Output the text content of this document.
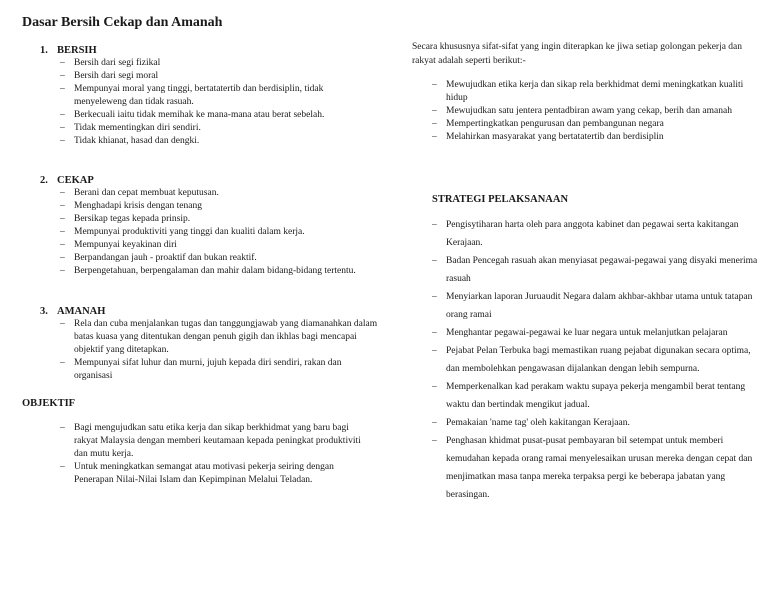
Dasar Bersih Cekap dan Amanah
1. BERSIH
– Bersih dari segi fizikal
– Bersih dari segi moral
– Mempunyai moral yang tinggi, bertatatertib dan berdisiplin, tidak menyeleweng dan tidak rasuah.
– Berkecuali iaitu tidak memihak ke mana-mana atau berat sebelah.
– Tidak mementingkan diri sendiri.
– Tidak khianat, hasad dan dengki.
2. CEKAP
– Berani dan cepat membuat keputusan.
– Menghadapi krisis dengan tenang
– Bersikap tegas kepada prinsip.
– Mempunyai produktiviti yang tinggi dan kualiti dalam kerja.
– Mempunyai keyakinan diri
– Berpandangan jauh - proaktif dan bukan reaktif.
– Berpengetahuan, berpengalaman dan mahir dalam bidang-bidang tertentu.
3. AMANAH
– Rela dan cuba menjalankan tugas dan tanggungjawab yang diamanahkan dalam batas kuasa yang ditentukan dengan penuh gigih dan ikhlas bagi mencapai objektif yang ditetapkan.
– Mempunyai sifat luhur dan murni, jujuh kepada diri sendiri, rakan dan organisasi
OBJEKTIF
– Bagi mengujudkan satu etika kerja dan sikap berkhidmat yang baru bagi rakyat Malaysia dengan memberi keutamaan kepada peningkat produktiviti dan mutu kerja.
– Untuk meningkatkan semangat atau motivasi pekerja seiring dengan Penerapan Nilai-Nilai Islam dan Kepimpinan Melalui Teladan.

Secara khususnya sifat-sifat yang ingin diterapkan ke jiwa setiap golongan pekerja dan rakyat adalah seperti berikut:-

– Mewujudkan etika kerja dan sikap rela berkhidmat demi meningkatkan kualiti hidup
– Mewujudkan satu jentera pentadbiran awam yang cekap, berih dan amanah
– Mempertingkatkan pengurusan dan pembangunan negara
– Melahirkan masyarakat yang bertatatertib dan berdisiplin
STRATEGI PELAKSANAAN
– Pengisytiharan harta oleh para anggota kabinet dan pegawai serta kakitangan Kerajaan.
– Badan Pencegah rasuah akan menyiasat pegawai-pegawai yang disyaki menerima rasuah
– Menyiarkan laporan Juruaudit Negara dalam akhbar-akhbar utama untuk tatapan orang ramai
– Menghantar pegawai-pegawai ke luar negara untuk melanjutkan pelajaran
– Pejabat Pelan Terbuka bagi memastikan ruang pejabat digunakan secara optima, dan membolehkan pengawasan dijalankan dengan lebih sempurna.
– Memperkenalkan kad perakam waktu supaya pekerja mengambil berat tentang waktu dan bertindak mengikut jadual.
– Pemakaian 'name tag' oleh kakitangan Kerajaan.
– Penghasan khidmat pusat-pusat pembayaran bil setempat untuk memberi kemudahan kepada orang ramai menyelesaikan urusan mereka dengan cepat dan menjimatkan masa tanpa mereka terpaksa pergi ke beberapa jabatan yang berasingan.
